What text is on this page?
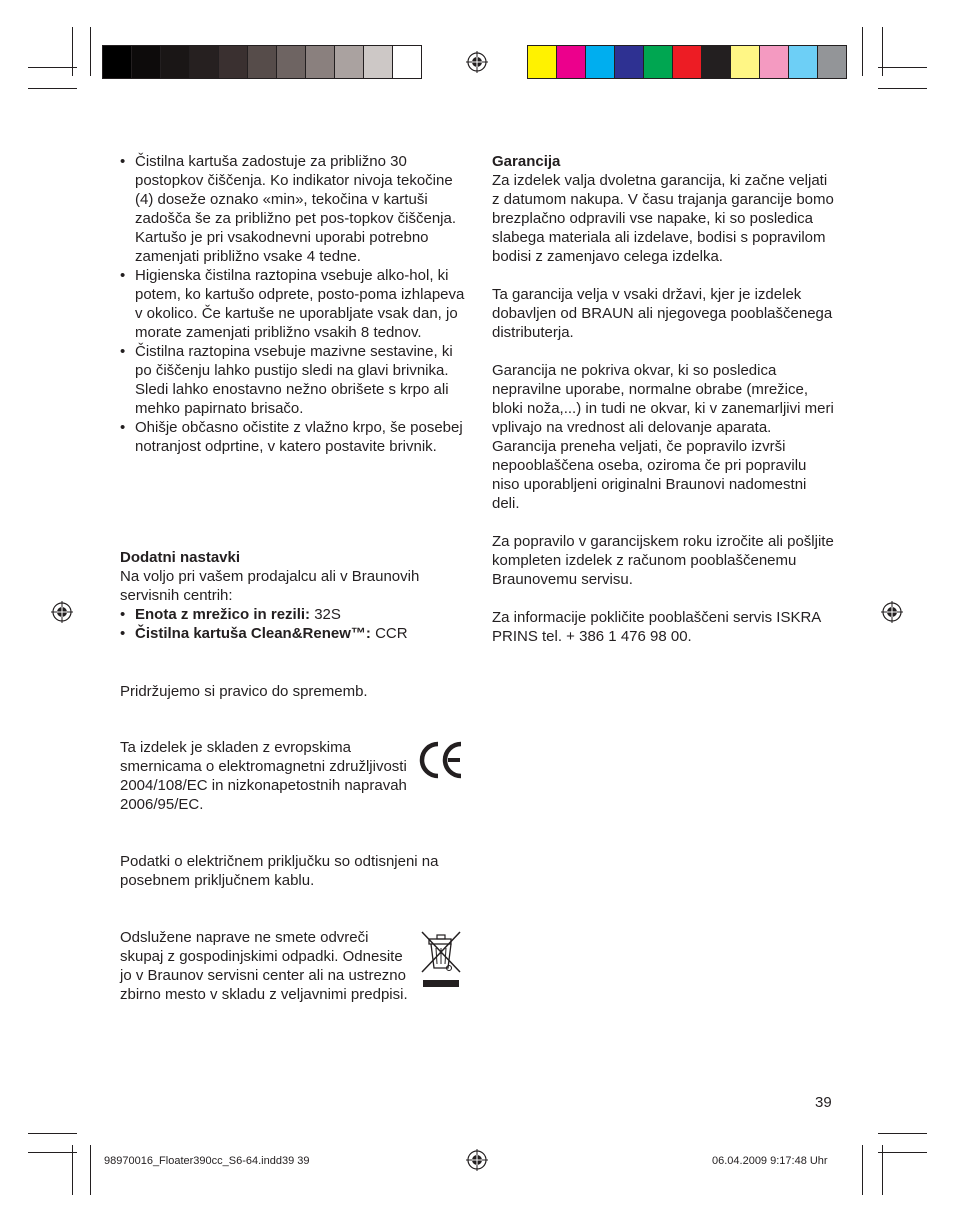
• Čistilna kartuša zadostuje za približno 30 postopkov čiščenja. Ko indikator nivoja tekočine (4) doseže oznako «min», tekočina v kartuši zadošča še za približno pet pos-topkov čiščenja. Kartušo je pri vsakodnevni uporabi potrebno zamenjati približno vsake 4 tedne.
• Higienska čistilna raztopina vsebuje alko-hol, ki potem, ko kartušo odprete, posto-poma izhlapeva v okolico. Če kartuše ne uporabljate vsak dan, jo morate zamenjati približno vsakih 8 tednov.
• Čistilna raztopina vsebuje mazivne sestavine, ki po čiščenju lahko pustijo sledi na glavi brivnika. Sledi lahko enostavno nežno obrišete s krpo ali mehko papirnato brisačo.
• Ohišje občasno očistite z vlažno krpo, še posebej notranjost odprtine, v katero postavite brivnik.

Dodatni nastavki

Na voljo pri vašem prodajalcu ali v Braunovih servisnih centrih:

• Enota z mrežico in rezili: 32S
• Čistilna kartuša Clean&Renew™: CCR

Pridržujemo si pravico do sprememb.

Ta izdelek je skladen z evropskima smernicama o elektromagnetni združljivosti 2004/108/EC in nizkonapetostnih napravah 2006/95/EC.

Podatki o električnem priključku so odtisnjeni na posebnem priključnem kablu.

Odslužene naprave ne smete odvreči skupaj z gospodinjskimi odpadki. Odnesite jo v Braunov servisni center ali na ustrezno zbirno mesto v skladu z veljavnimi predpisi.

Garancija

Za izdelek valja dvoletna garancija, ki začne veljati z datumom nakupa. V času trajanja garancije bomo brezplačno odpravili vse napake, ki so posledica slabega materiala ali izdelave, bodisi s popravilom bodisi z zamenjavo celega izdelka.

Ta garancija velja v vsaki državi, kjer je izdelek dobavljen od BRAUN ali njegovega pooblaščenega distributerja.

Garancija ne pokriva okvar, ki so posledica nepravilne uporabe, normalne obrabe (mrežice, bloki noža,...) in tudi ne okvar, ki v zanemarljivi meri vplivajo na vrednost ali delovanje aparata.

Garancija preneha veljati, če popravilo izvrši nepooblaščena oseba, oziroma če pri popravilu niso uporabljeni originalni Braunovi nadomestni deli.

Za popravilo v garancijskem roku izročite ali pošljite kompleten izdelek z računom pooblaščenemu Braunovemu servisu.

Za informacije pokličite pooblaščeni servis ISKRA PRINS tel. + 386 1 476 98 00.

39
98970016_Floater390cc_S6-64.indd39 39	06.04.2009 9:17:48 Uhr
